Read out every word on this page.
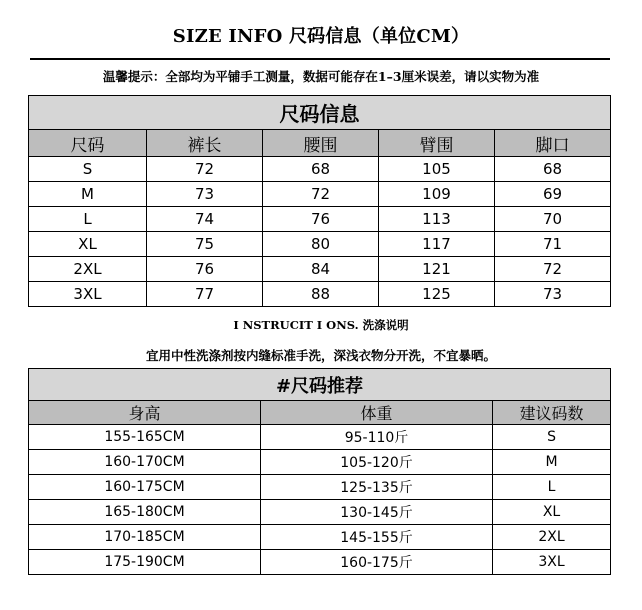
SIZE INFO 尺码信息（单位CM）
温馨提示：全部均为平铺手工测量，数据可能存在1–3厘米误差，请以实物为准
尺码信息				
尺码	裤长	腰围	臂围	脚口
S	72	68	105	68
M	73	72	109	69
L	74	76	113	70
XL	75	80	117	71
2XL	76	84	121	72
3XL	77	88	125	73
I NSTRUCIT I ONS. 洗涤说明
宜用中性洗涤剂按内缝标准手洗，深浅衣物分开洗，不宜暴晒。
#尺码推荐		
身高	体重	建议码数
155-165CM	95-110斤	S
160-170CM	105-120斤	M
160-175CM	125-135斤	L
165-180CM	130-145斤	XL
170-185CM	145-155斤	2XL
175-190CM	160-175斤	3XL
